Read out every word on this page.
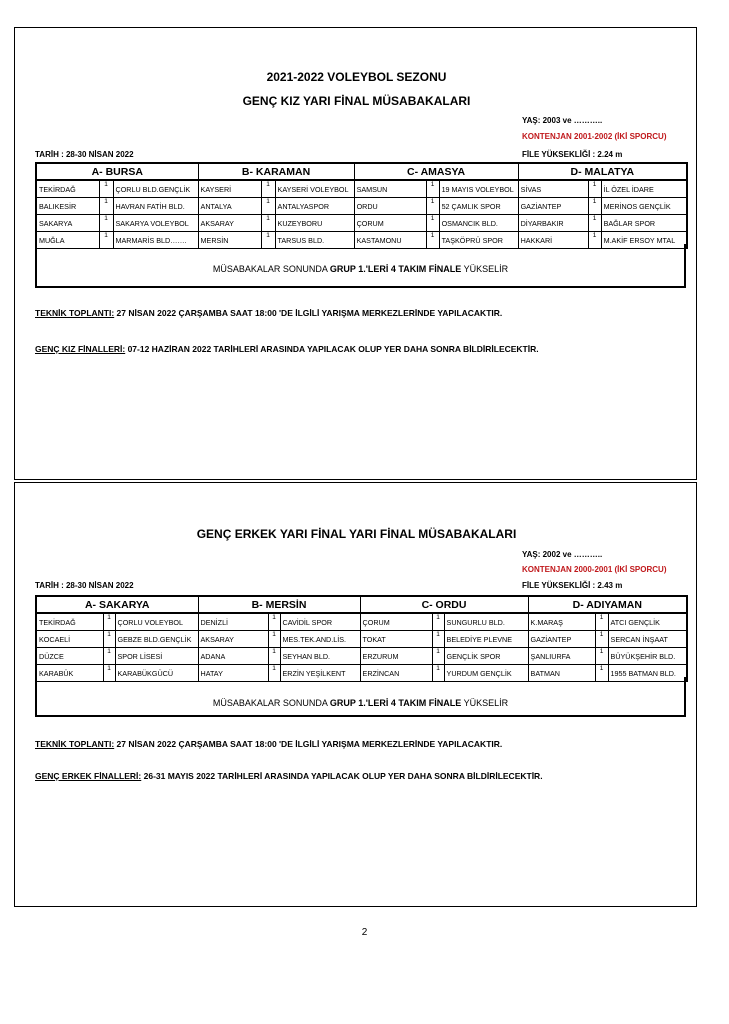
2021-2022 VOLEYBOL SEZONU
GENÇ KIZ YARI FİNAL MÜSABAKALARI
YAŞ: 2003 ve ………..
KONTENJAN 2001-2002 (İKİ SPORCU)
TARİH : 28-30 NİSAN 2022	FİLE YÜKSEKLİĞİ : 2.24 m
A- BURSA			B- KARAMAN			C- AMASYA			D- MALATYA		
TEKİRDAĞ	1	ÇORLU BLD.GENÇLİK	KAYSERİ	1	KAYSERİ VOLEYBOL	SAMSUN	1	19 MAYIS VOLEYBOL	SİVAS	1	İL ÖZEL İDARE
BALIKESİR	1	HAVRAN FATİH BLD.	ANTALYA	1	ANTALYASPOR	ORDU	1	52 ÇAMLIK SPOR	GAZİANTEP	1	MERİNOS GENÇLİK
SAKARYA	1	SAKARYA VOLEYBOL	AKSARAY	1	KUZEYBORU	ÇORUM	1	OSMANCIK BLD.	DİYARBAKIR	1	BAĞLAR SPOR
MUĞLA	1	MARMARİS BLD…….	MERSİN	1	TARSUS BLD.	KASTAMONU	1	TAŞKÖPRÜ SPOR	HAKKARİ	1	M.AKİF ERSOY MTAL
MÜSABAKALAR SONUNDA GRUP 1.'LERİ 4 TAKIM FİNALE YÜKSELİR
TEKNİK TOPLANTI: 27 NİSAN 2022 ÇARŞAMBA SAAT 18:00 'DE İLGİLİ YARIŞMA MERKEZLERİNDE YAPILACAKTIR.
GENÇ KIZ FİNALLERİ: 07-12 HAZİRAN 2022 TARİHLERİ ARASINDA YAPILACAK OLUP YER DAHA SONRA BİLDİRİLECEKTİR.
GENÇ ERKEK YARI FİNAL YARI FİNAL MÜSABAKALARI
YAŞ: 2002 ve ………..
KONTENJAN 2000-2001 (İKİ SPORCU)
TARİH : 28-30 NİSAN 2022	FİLE YÜKSEKLİĞİ : 2.43 m
A- SAKARYA			B- MERSİN			C- ORDU			D- ADIYAMAN		
TEKİRDAĞ	1	ÇORLU VOLEYBOL	DENİZLİ	1	CAVİDİL SPOR	ÇORUM	1	SUNGURLU BLD.	K.MARAŞ	1	ATCI GENÇLİK
KOCAELİ	1	GEBZE BLD.GENÇLİK	AKSARAY	1	MES.TEK.AND.LİS.	TOKAT	1	BELEDİYE PLEVNE	GAZİANTEP	1	SERCAN İNŞAAT
DÜZCE	1	SPOR LİSESİ	ADANA	1	SEYHAN BLD.	ERZURUM	1	GENÇLİK SPOR	ŞANLIURFA	1	BÜYÜKŞEHİR BLD.
KARABÜK	1	KARABÜKGÜCÜ	HATAY	1	ERZİN YEŞİLKENT	ERZİNCAN	1	YURDUM GENÇLİK	BATMAN	1	1955 BATMAN BLD.
MÜSABAKALAR SONUNDA GRUP 1.'LERİ 4 TAKIM FİNALE YÜKSELİR
TEKNİK TOPLANTI: 27 NİSAN 2022 ÇARŞAMBA SAAT 18:00 'DE İLGİLİ YARIŞMA MERKEZLERİNDE YAPILACAKTIR.
GENÇ ERKEK FİNALLERİ: 26-31 MAYIS 2022 TARİHLERİ ARASINDA YAPILACAK OLUP YER DAHA SONRA BİLDİRİLECEKTİR.
2
